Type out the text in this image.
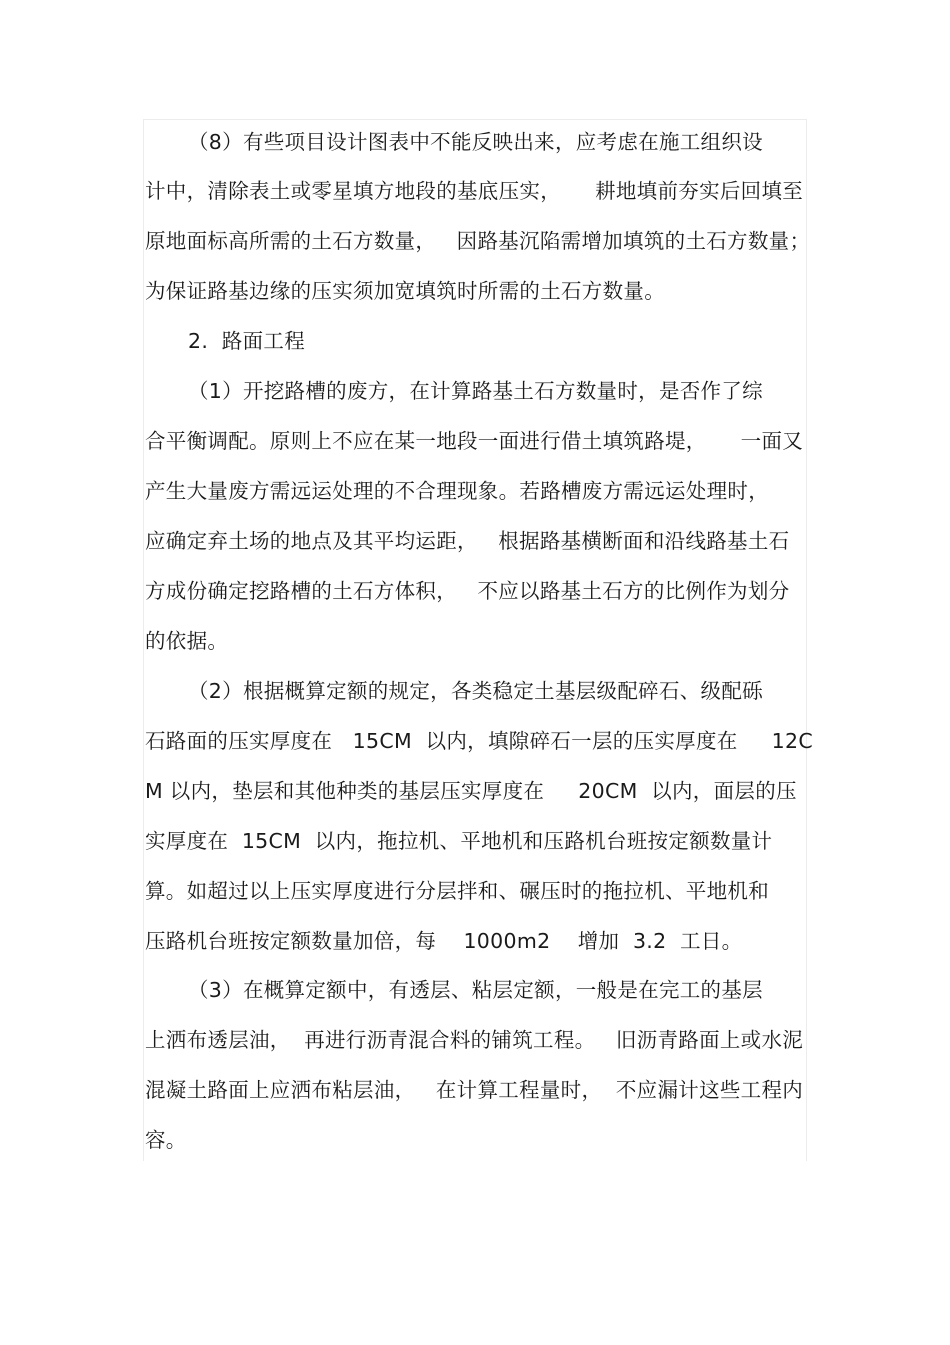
（8）有些项目设计图表中不能反映出来，应考虑在施工组织设
计中，清除表土或零星填方地段的基底压实，     耕地填前夯实后回填至
原地面标高所需的土石方数量，   因路基沉陷需增加填筑的土石方数量；
为保证路基边缘的压实须加宽填筑时所需的土石方数量。
2.  路面工程
（1）开挖路槽的废方，在计算路基土石方数量时，是否作了综
合平衡调配。原则上不应在某一地段一面进行借土填筑路堤，     一面又
产生大量废方需远运处理的不合理现象。若路槽废方需远运处理时，
应确定弃土场的地点及其平均运距，   根据路基横断面和沿线路基土石
方成份确定挖路槽的土石方体积，   不应以路基土石方的比例作为划分
的依据。
（2）根据概算定额的规定，各类稳定土基层级配碎石、级配砾
石路面的压实厚度在   15CM  以内，填隙碎石一层的压实厚度在     12C
M 以内，垫层和其他种类的基层压实厚度在     20CM  以内，面层的压
实厚度在  15CM  以内，拖拉机、平地机和压路机台班按定额数量计
算。如超过以上压实厚度进行分层拌和、碾压时的拖拉机、平地机和
压路机台班按定额数量加倍，每    1000m2    增加  3.2  工日。
（3）在概算定额中，有透层、粘层定额，一般是在完工的基层
上洒布透层油，  再进行沥青混合料的铺筑工程。   旧沥青路面上或水泥
混凝土路面上应洒布粘层油，   在计算工程量时，  不应漏计这些工程内
容。
